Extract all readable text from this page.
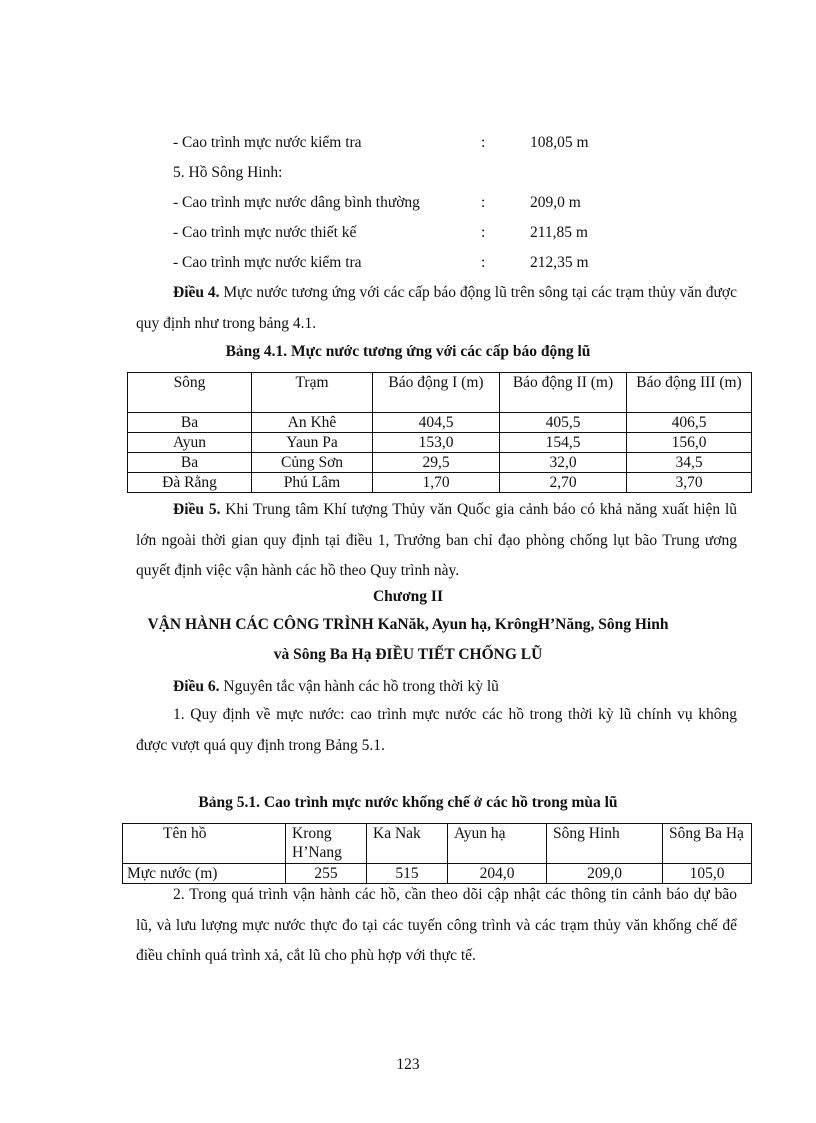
- Cao trình mực nước kiểm tra	:	108,05 m
5. Hồ Sông Hinh:
- Cao trình mực nước dâng bình thường	:	209,0 m
- Cao trình mực nước thiết kế	:	211,85 m
- Cao trình mực nước kiểm tra	:	212,35 m

Điều 4. Mực nước tương ứng với các cấp báo động lũ trên sông tại các trạm thủy văn được quy định như trong bảng 4.1.

Bảng 4.1. Mực nước tương ứng với các cấp báo động lũ
Sông	Trạm	Báo động I (m)	Báo động II (m)	Báo động III (m)
Ba	An Khê	404,5	405,5	406,5
Ayun	Yaun Pa	153,0	154,5	156,0
Ba	Củng Sơn	29,5	32,0	34,5
Đà Rằng	Phú Lâm	1,70	2,70	3,70

Điều 5. Khi Trung tâm Khí tượng Thủy văn Quốc gia cảnh báo có khả năng xuất hiện lũ lớn ngoài thời gian quy định tại điều 1, Trưởng ban chỉ đạo phòng chống lụt bão Trung ương quyết định việc vận hành các hồ theo Quy trình này.

Chương II
VẬN HÀNH CÁC CÔNG TRÌNH KaNăk, Ayun hạ, KrôngH’Năng, Sông Hinh
và Sông Ba Hạ ĐIỀU TIẾT CHỐNG LŨ
Điều 6. Nguyên tắc vận hành các hồ trong thời kỳ lũ

1. Quy định về mực nước: cao trình mực nước các hồ trong thời kỳ lũ chính vụ không được vượt quá quy định trong Bảng 5.1.

Bảng 5.1. Cao trình mực nước khống chế ở các hồ trong mùa lũ
Tên hồ	Krong H’Nang	Ka Nak	Ayun hạ	Sông Hinh	Sông Ba Hạ
Mực nước (m)	255	515	204,0	209,0	105,0

2. Trong quá trình vận hành các hồ, cần theo dõi cập nhật các thông tin cảnh báo dự bão lũ, và lưu lượng mực nước thực đo tại các tuyến công trình và các trạm thủy văn khống chế để điều chỉnh quá trình xả, cắt lũ cho phù hợp với thực tế.

123
